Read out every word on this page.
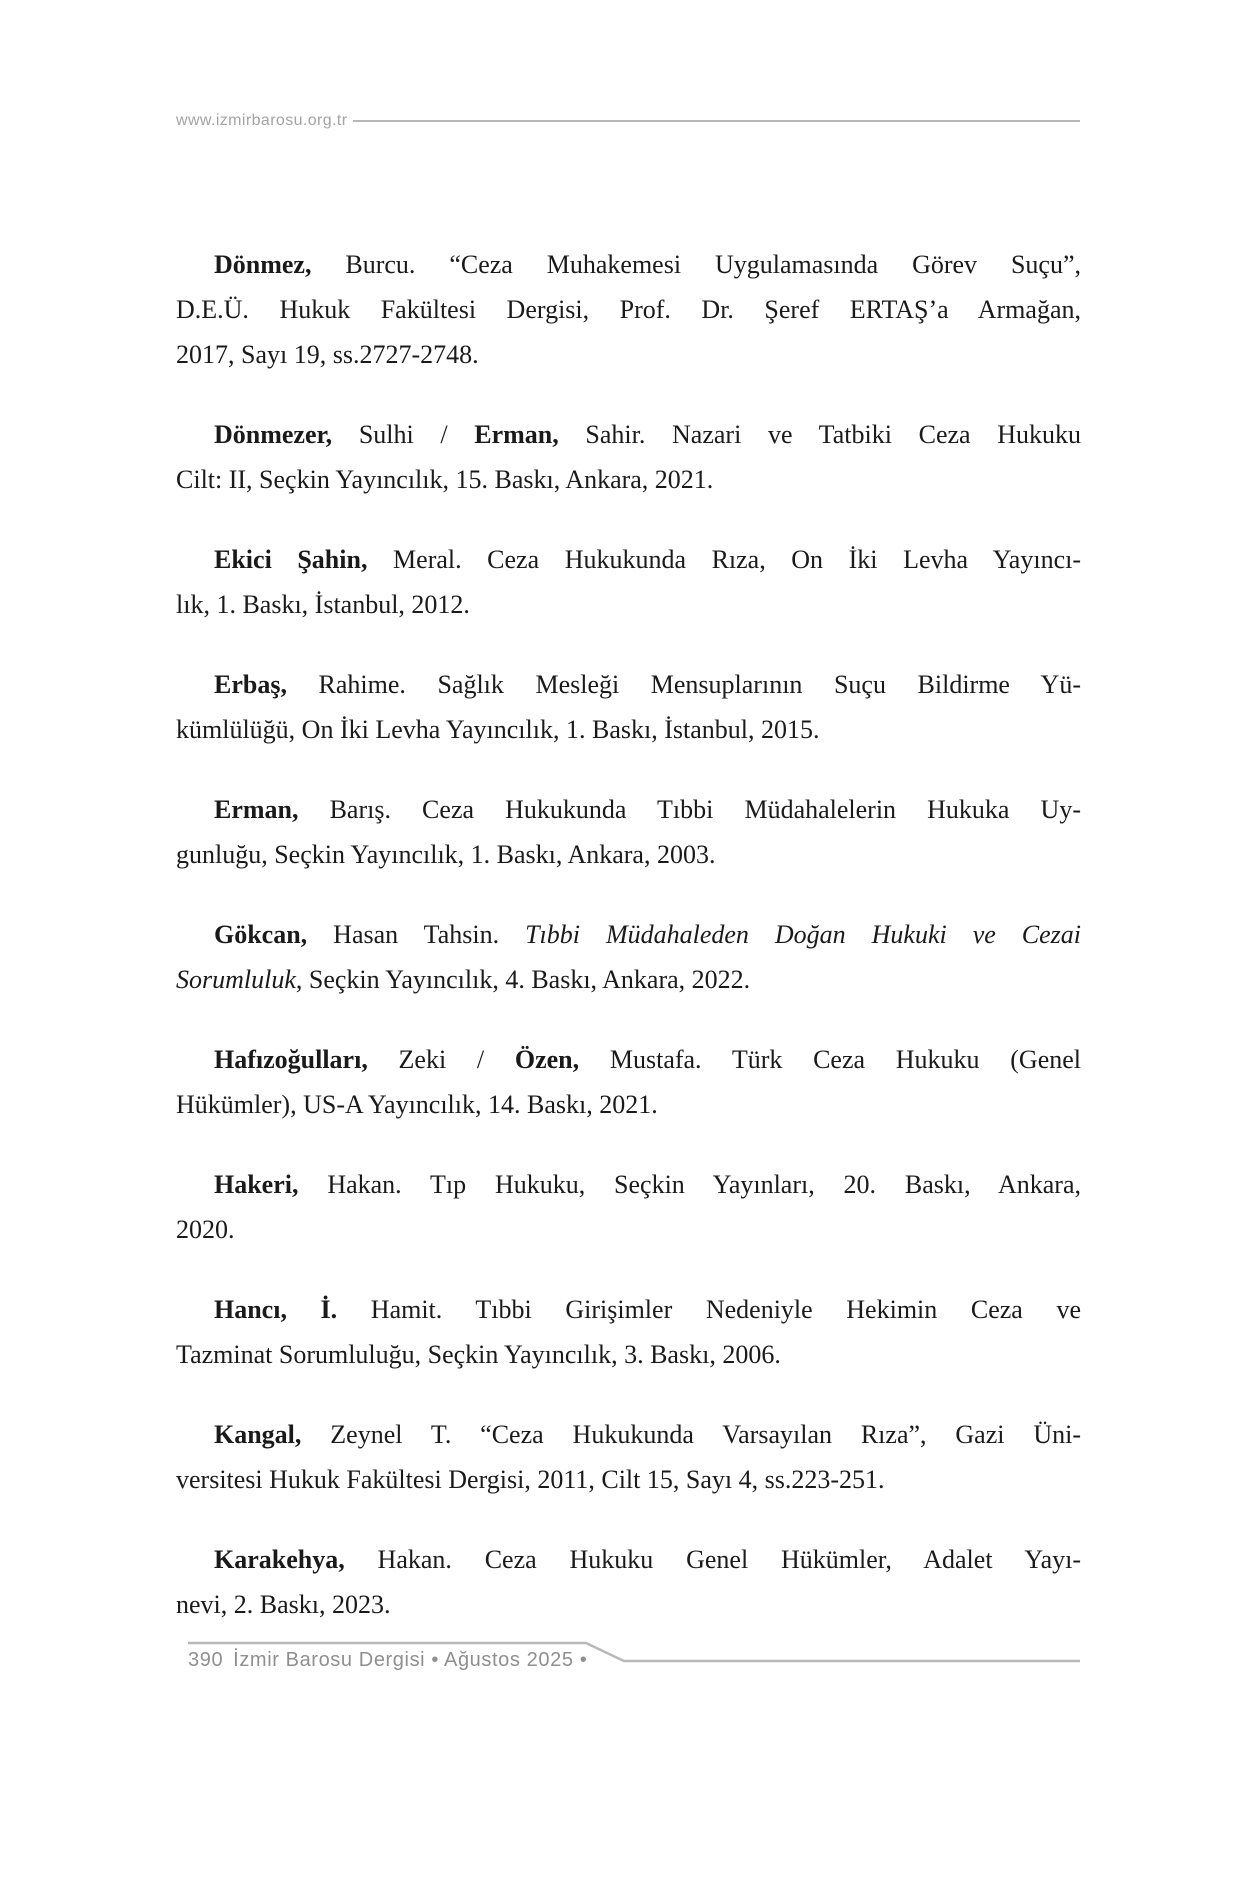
www.izmirbarosu.org.tr
Dönmez, Burcu. “Ceza Muhakemesi Uygulamasında Görev Suçu”,
D.E.Ü. Hukuk Fakültesi Dergisi, Prof. Dr. Şeref ERTAŞ’a Armağan,
2017, Sayı 19, ss.2727-2748.
Dönmezer, Sulhi / Erman, Sahir. Nazari ve Tatbiki Ceza Hukuku
Cilt: II, Seçkin Yayıncılık, 15. Baskı, Ankara, 2021.
Ekici Şahin, Meral. Ceza Hukukunda Rıza, On İki Levha Yayıncı-
lık, 1. Baskı, İstanbul, 2012.
Erbaş, Rahime. Sağlık Mesleği Mensuplarının Suçu Bildirme Yü-
kümlülüğü, On İki Levha Yayıncılık, 1. Baskı, İstanbul, 2015.
Erman, Barış. Ceza Hukukunda Tıbbi Müdahalelerin Hukuka Uy-
gunluğu, Seçkin Yayıncılık, 1. Baskı, Ankara, 2003.
Gökcan, Hasan Tahsin. Tıbbi Müdahaleden Doğan Hukuki ve Cezai
Sorumluluk, Seçkin Yayıncılık, 4. Baskı, Ankara, 2022.
Hafızoğulları, Zeki / Özen, Mustafa. Türk Ceza Hukuku (Genel
Hükümler), US-A Yayıncılık, 14. Baskı, 2021.
Hakeri, Hakan. Tıp Hukuku, Seçkin Yayınları, 20. Baskı, Ankara,
2020.
Hancı, İ. Hamit. Tıbbi Girişimler Nedeniyle Hekimin Ceza ve
Tazminat Sorumluluğu, Seçkin Yayıncılık, 3. Baskı, 2006.
Kangal, Zeynel T. “Ceza Hukukunda Varsayılan Rıza”, Gazi Üni-
versitesi Hukuk Fakültesi Dergisi, 2011, Cilt 15, Sayı 4, ss.223-251.
Karakehya, Hakan. Ceza Hukuku Genel Hükümler, Adalet Yayı-
nevi, 2. Baskı, 2023.
390 İzmir Barosu Dergisi • Ağustos 2025 •
